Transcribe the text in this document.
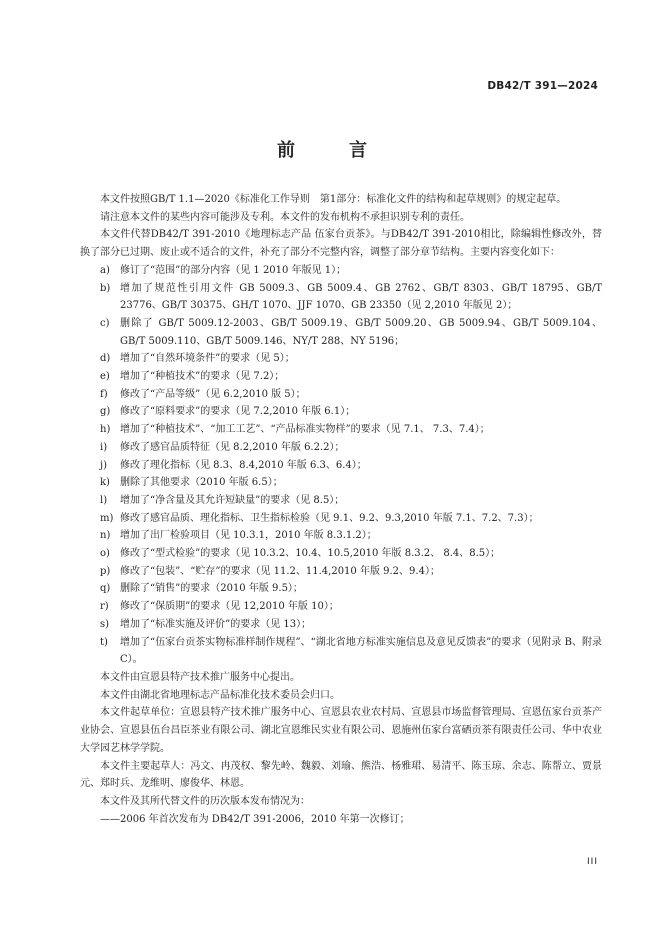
DB42/T 391—2024
前　言

本文件按照GB/T 1.1—2020《标准化工作导则　第1部分：标准化文件的结构和起草规则》的规定起草。

请注意本文件的某些内容可能涉及专利。本文件的发布机构不承担识别专利的责任。

本文件代替DB42/T 391-2010《地理标志产品 伍家台贡茶》。与DB42/T 391-2010相比，除编辑性修改外，替换了部分已过期、废止或不适合的文件，补充了部分不完整内容，调整了部分章节结构。主要内容变化如下：

a)	修订了“范围”的部分内容（见 1 2010 年版见 1）；
b) 增加了规范性引用文件 GB 5009.3、GB 5009.4、GB 2762、GB/T 8303、GB/T 18795、GB/T 23776、GB/T 30375、GH/T 1070、JJF 1070、GB 23350（见 2,2010 年版见 2）；
c)	删除了 GB/T 5009.12-2003、GB/T 5009.19、GB/T 5009.20、GB 5009.94、GB/T 5009.104、GB/T 5009.110、GB/T 5009.146、NY/T 288、NY 5196；
d) 增加了“自然环境条件”的要求（见 5）；
e)	增加了“种植技术”的要求（见 7.2）；
f)	修改了“产品等级”（见 6.2,2010 版 5）；
g) 修改了“原料要求”的要求（见 7.2,2010 年版 6.1）；
h) 增加了“种植技术”、“加工工艺”、“产品标准实物样”的要求（见 7.1、 7.3、7.4）；
i)	修改了感官品质特征（见 8.2,2010 年版 6.2.2）；
j)	修改了理化指标（见 8.3、8.4,2010 年版 6.3、6.4）；
k)	删除了其他要求（2010 年版 6.5）；
l)	增加了“净含量及其允许短缺量”的要求（见 8.5）；
m) 修改了感官品质、理化指标、卫生指标检验（见 9.1、9.2、9.3,2010 年版 7.1、7.2、7.3）；
n) 增加了出厂检验项目（见 10.3.1，2010 年版 8.3.1.2）；
o)	修改了“型式检验”的要求（见 10.3.2、10.4、10.5,2010 年版 8.3.2、 8.4、8.5）；
p) 修改了“包装”、“贮存”的要求（见 11.2、11.4,2010 年版 9.2、9.4）；
q) 删除了“销售”的要求（2010 年版 9.5）；
r)	修改了“保质期”的要求（见 12,2010 年版 10）；
s)	增加了“标准实施及评价”的要求（见 13）；
t)	增加了“伍家台贡茶实物标准样制作规程”、“湖北省地方标准实施信息及意见反馈表”的要求（见附录 B、附录 C）。

本文件由宣恩县特产技术推广服务中心提出。

本文件由湖北省地理标志产品标准化技术委员会归口。

本文件起草单位：宣恩县特产技术推广服务中心、宣恩县农业农村局、宣恩县市场监督管理局、宣恩伍家台贡茶产业协会、宣恩县伍台昌臣茶业有限公司、湖北宣恩维民实业有限公司、恩施州伍家台富硒贡茶有限责任公司、华中农业大学园艺林学学院。

本文件主要起草人：冯文、冉茂权、黎先岭、魏毅、刘瑜、熊浩、杨雅珺、易清平、陈玉琼、余志、陈帮立、贾景元、郑时兵、龙维明、廖俊华、林恩。

本文件及其所代替文件的历次版本发布情况为：

——2006 年首次发布为 DB42/T 391-2006，2010 年第一次修订；

III
